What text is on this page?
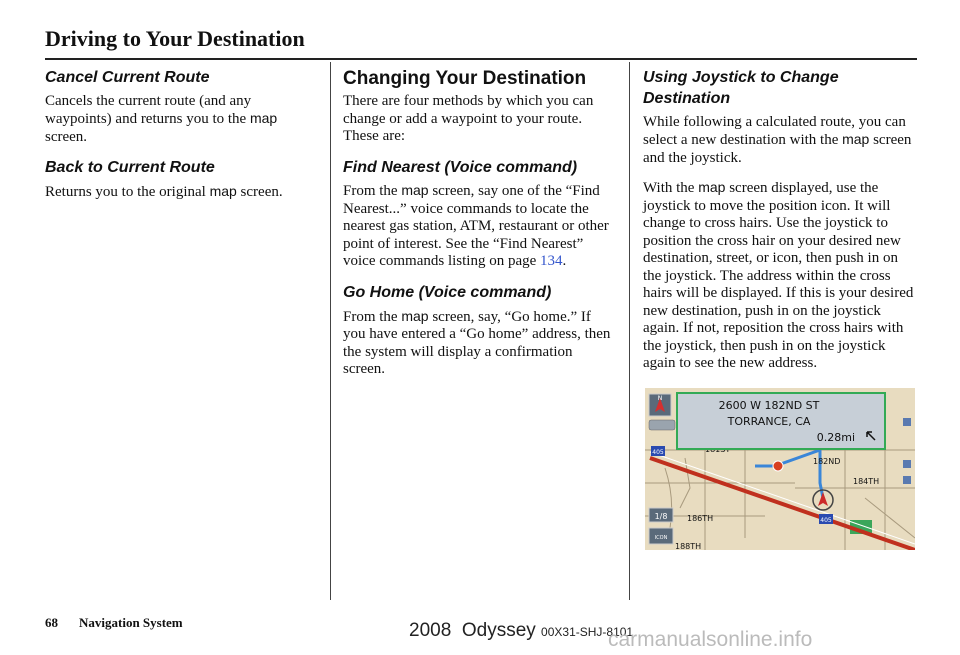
Driving to Your Destination
Cancel Current Route

Cancels the current route (and any waypoints) and returns you to the map screen.

Back to Current Route

Returns you to the original map screen.

Changing Your Destination

There are four methods by which you can change or add a waypoint to your route. These are:

Find Nearest (Voice command)

From the map screen, say one of the “Find Nearest...” voice commands to locate the nearest gas station, ATM, restaurant or other point of interest. See the “Find Nearest” voice commands listing on page 134.

Go Home (Voice command)

From the map screen, say, “Go home.” If you have entered a “Go home” address, then the system will display a confirmation screen.

Using Joystick to Change Destination

While following a calculated route, you can select a new destination with the map screen and the joystick.

With the map screen displayed, use the joystick to move the position icon. It will change to cross hairs. Use the joystick to position the cross hair on your desired new destination, street, or icon, then push in on the joystick. The address within the cross hairs will be displayed. If this is your desired new destination, push in on the joystick again. If not, reposition the cross hairs with the joystick, then push in on the joystick again to see the new address.

405
405
182ND
184TH
186TH
188TH
N
1/8
ICON
2600 W 182ND ST
TORRANCE, CA
0.28mi
68 Navigation System	2008 Odyssey 00X31-SHJ-8101
carmanualsonline.info
